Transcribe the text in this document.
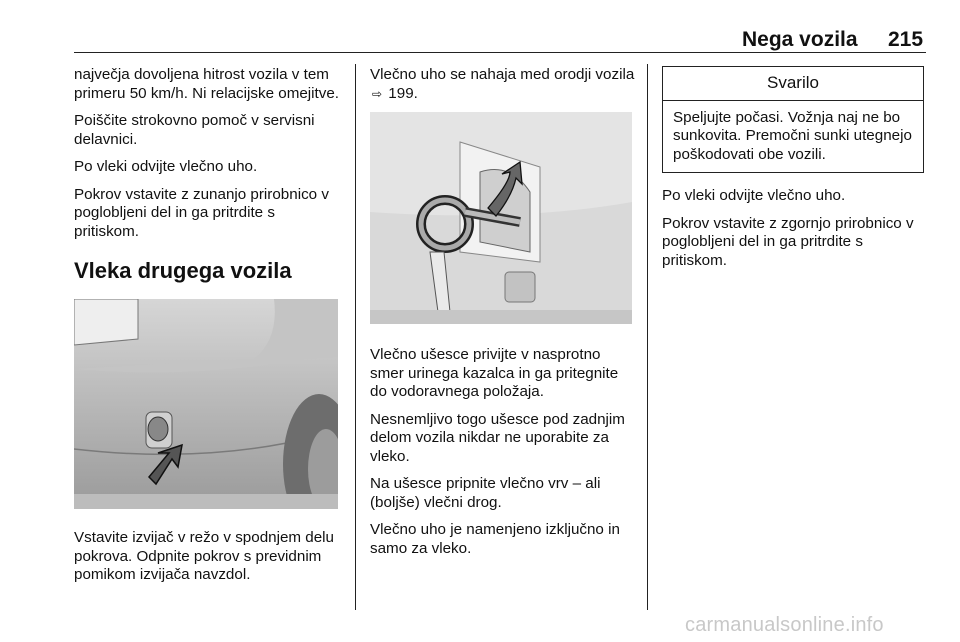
Nega vozila 215

največja dovoljena hitrost vozila v tem primeru 50 km/h. Ni relacijske omejitve.

Poiščite strokovno pomoč v servisni delavnici.

Po vleki odvijte vlečno uho.

Pokrov vstavite z zunanjo prirobnico v poglobljeni del in ga pritrdite s pritiskom.

Vleka drugega vozila

Vstavite izvijač v režo v spodnjem delu pokrova. Odpnite pokrov s previdnim pomikom izvijača navzdol.

Vlečno uho se nahaja med orodji vozila ⇨ 199.

Vlečno ušesce privijte v nasprotno smer urinega kazalca in ga pritegnite do vodoravnega položaja.

Nesnemljivo togo ušesce pod zadnjim delom vozila nikdar ne uporabite za vleko.

Na ušesce pripnite vlečno vrv – ali (boljše) vlečni drog.

Vlečno uho je namenjeno izključno in samo za vleko.

Svarilo
Speljujte počasi. Vožnja naj ne bo sunkovita. Premočni sunki utegnejo poškodovati obe vozili.

Po vleki odvijte vlečno uho.

Pokrov vstavite z zgornjo prirobnico v poglobljeni del in ga pritrdite s pritiskom.

carmanualsonline.info
